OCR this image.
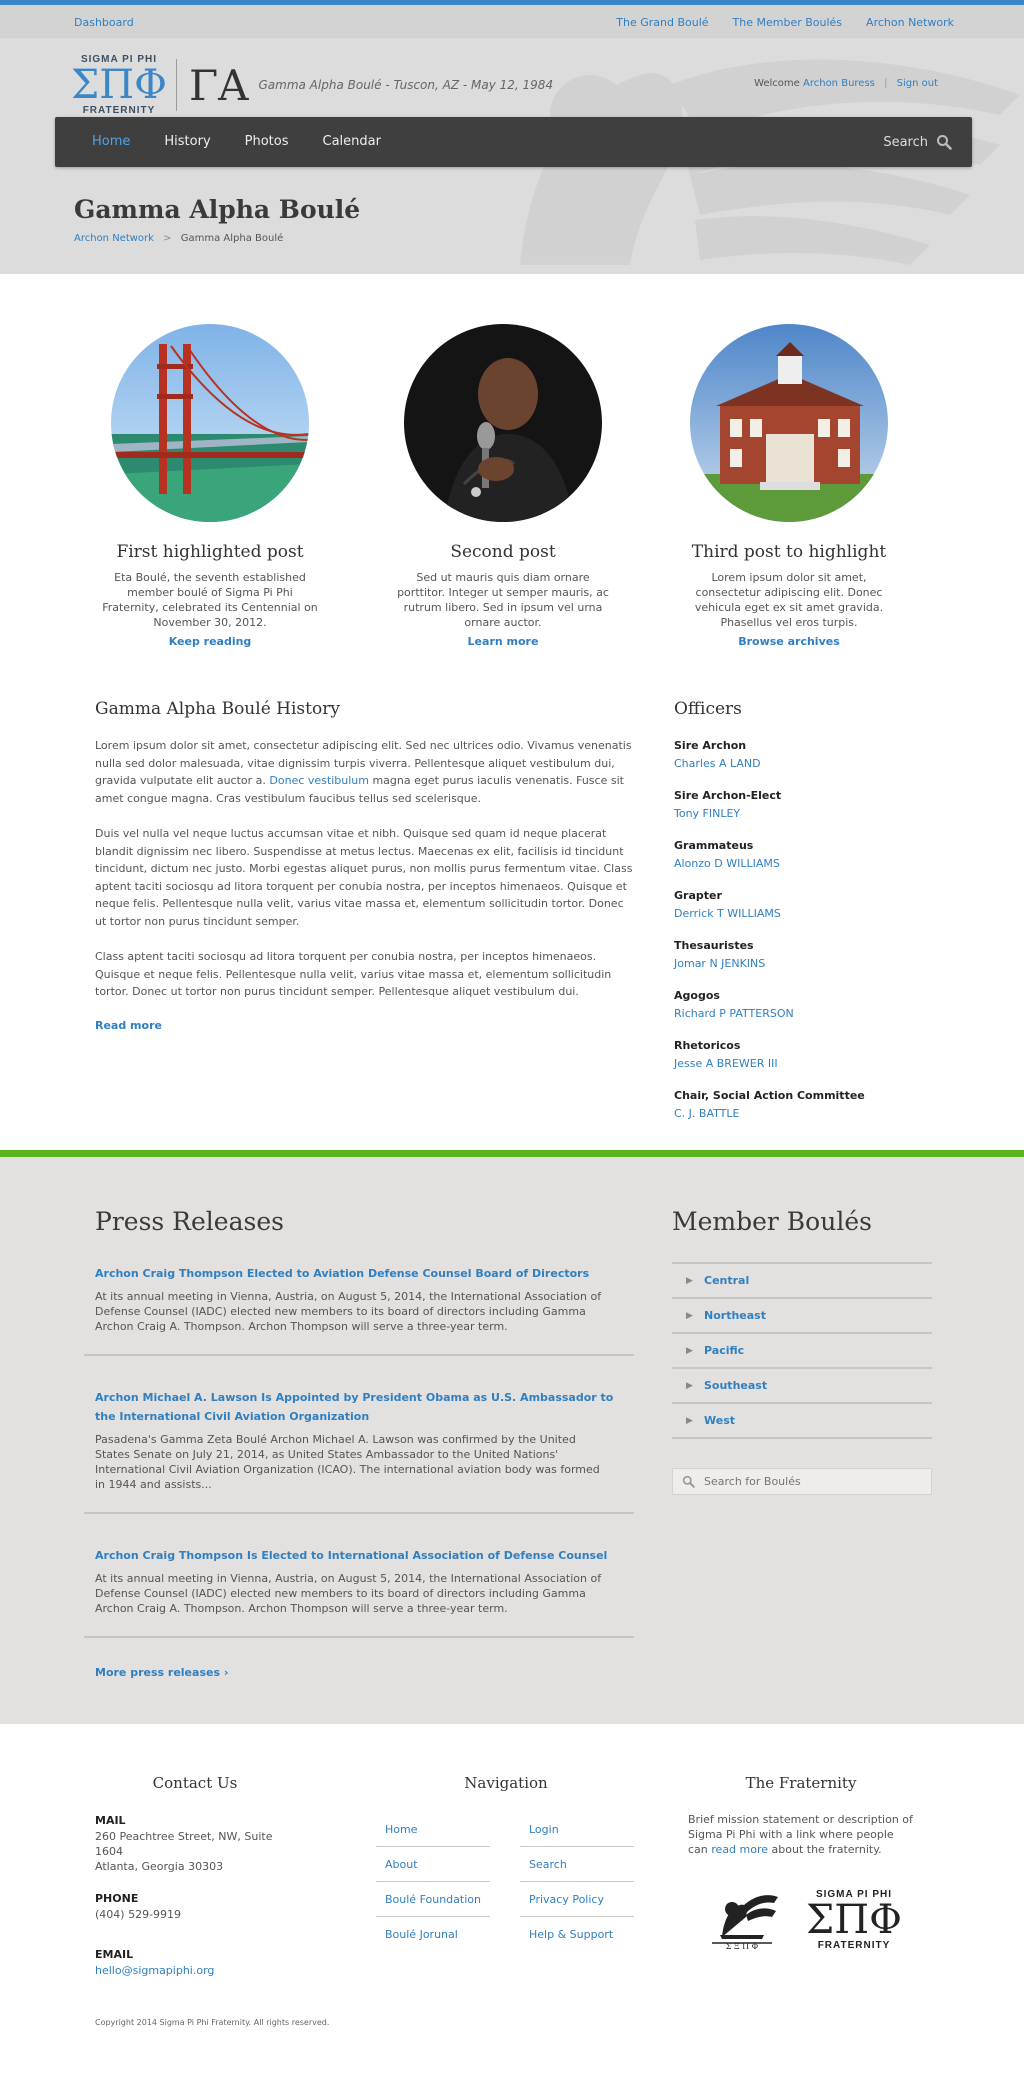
Dashboard	The Grand Boulé The Member Boulés Archon Network
SIGMA PI PHI
ΣΠΦ
FRATERNITY
ΓΑ Gamma Alpha Boulé - Tuscon, AZ - May 12, 1984	Welcome Archon Buress | Sign out
Home	History	Photos	Calendar	Search
Gamma Alpha Boulé
Archon Network > Gamma Alpha Boulé
First highlighted post

Eta Boulé, the seventh established member boulé of Sigma Pi Phi Fraternity, celebrated its Centennial on November 30, 2012.

Keep reading
Second post

Sed ut mauris quis diam ornare porttitor. Integer ut semper mauris, ac rutrum libero. Sed in ipsum vel urna ornare auctor.

Learn more
Third post to highlight

Lorem ipsum dolor sit amet, consectetur adipiscing elit. Donec vehicula eget ex sit amet gravida. Phasellus vel eros turpis.

Browse archives
Gamma Alpha Boulé History

Lorem ipsum dolor sit amet, consectetur adipiscing elit. Sed nec ultrices odio. Vivamus venenatis nulla sed dolor malesuada, vitae dignissim turpis viverra. Pellentesque aliquet vestibulum dui, gravida vulputate elit auctor a. Donec vestibulum magna eget purus iaculis venenatis. Fusce sit amet congue magna. Cras vestibulum faucibus tellus sed scelerisque.

Duis vel nulla vel neque luctus accumsan vitae et nibh. Quisque sed quam id neque placerat blandit dignissim nec libero. Suspendisse at metus lectus. Maecenas ex elit, facilisis id tincidunt tincidunt, dictum nec justo. Morbi egestas aliquet purus, non mollis purus fermentum vitae. Class aptent taciti sociosqu ad litora torquent per conubia nostra, per inceptos himenaeos. Quisque et neque felis. Pellentesque nulla velit, varius vitae massa et, elementum sollicitudin tortor. Donec ut tortor non purus tincidunt semper.

Class aptent taciti sociosqu ad litora torquent per conubia nostra, per inceptos himenaeos. Quisque et neque felis. Pellentesque nulla velit, varius vitae massa et, elementum sollicitudin tortor. Donec ut tortor non purus tincidunt semper. Pellentesque aliquet vestibulum dui.

Read more
Officers
Sire Archon
Charles A LAND
Sire Archon-Elect
Tony FINLEY
Grammateus
Alonzo D WILLIAMS
Grapter
Derrick T WILLIAMS
Thesauristes
Jomar N JENKINS
Agogos
Richard P PATTERSON
Rhetoricos
Jesse A BREWER III
Chair, Social Action Committee
C. J. BATTLE
Press Releases
Archon Craig Thompson Elected to Aviation Defense Counsel Board of Directors
At its annual meeting in Vienna, Austria, on August 5, 2014, the International Association of Defense Counsel (IADC) elected new members to its board of directors including Gamma Archon Craig A. Thompson. Archon Thompson will serve a three-year term.
Archon Michael A. Lawson Is Appointed by President Obama as U.S. Ambassador to the International Civil Aviation Organization
Pasadena's Gamma Zeta Boulé Archon Michael A. Lawson was confirmed by the United States Senate on July 21, 2014, as United States Ambassador to the United Nations' International Civil Aviation Organization (ICAO). The international aviation body was formed in 1944 and assists...
Archon Craig Thompson Is Elected to International Association of Defense Counsel
At its annual meeting in Vienna, Austria, on August 5, 2014, the International Association of Defense Counsel (IADC) elected new members to its board of directors including Gamma Archon Craig A. Thompson. Archon Thompson will serve a three-year term.
More press releases ›
Member Boulés
▶	Central
▶	Northeast
▶	Pacific
▶	Southeast
▶	West
Search for Boulés
Contact Us
MAIL
260 Peachtree Street, NW, Suite 1604
Atlanta, Georgia 30303
PHONE
(404) 529-9919
EMAIL
hello@sigmapiphi.org
Navigation
Home	Login
About	Search
Boulé Foundation	Privacy Policy
Boulé Jorunal	Help & Support
The Fraternity

Brief mission statement or description of Sigma Pi Phi with a link where people can read more about the fraternity.

Σ Ξ Π Φ
SIGMA PI PHI
ΣΠΦ
FRATERNITY
Copyright 2014 Sigma Pi Phi Fraternity. All rights reserved.
